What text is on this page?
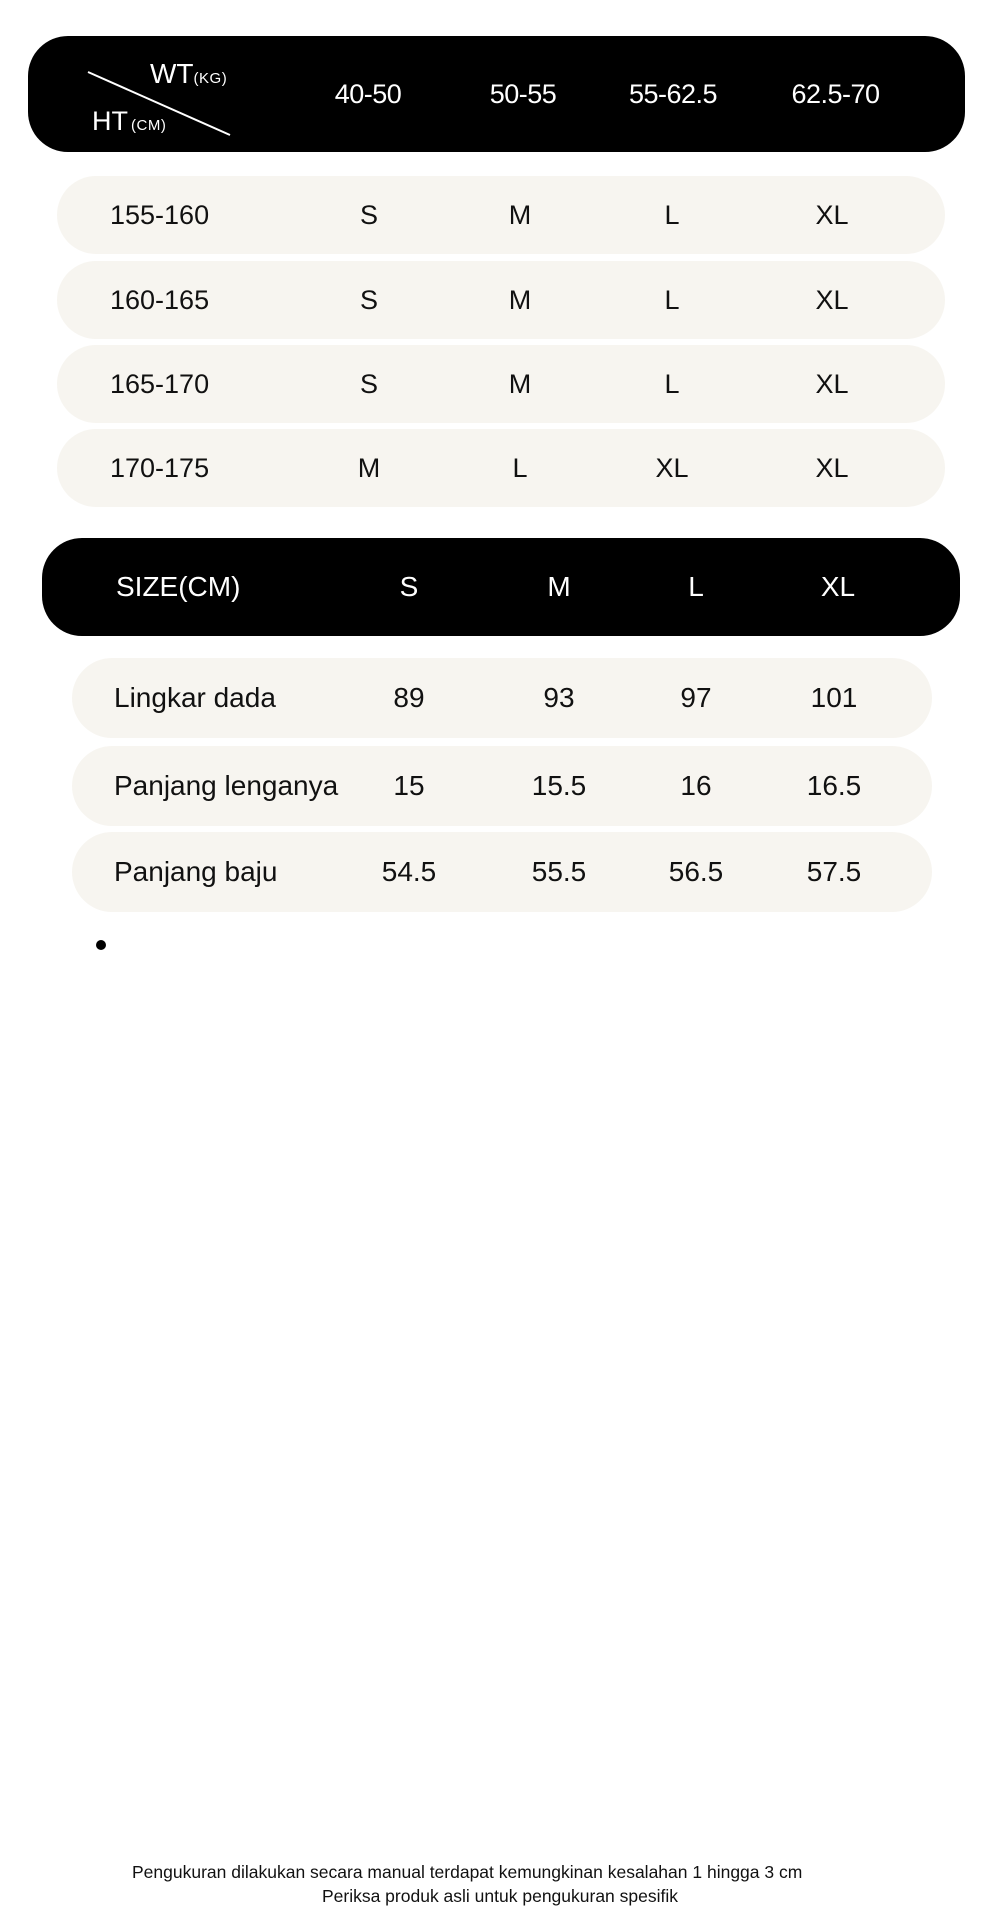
40-50	50-55	55-62.5	62.5-70
WT(KG)
HT (CM)
155-160	S	M	L	XL
160-165	S	M	L	XL
165-170	S	M	L	XL
170-175	M	L	XL	XL
SIZE(CM)	S	M	L	XL
Lingkar dada	89	93	97	101
Panjang lenganya	15	15.5	16	16.5
Panjang baju	54.5	55.5	56.5	57.5
Pengukuran dilakukan secara manual terdapat kemungkinan kesalahan 1 hingga 3 cm
Periksa produk asli untuk pengukuran spesifik
